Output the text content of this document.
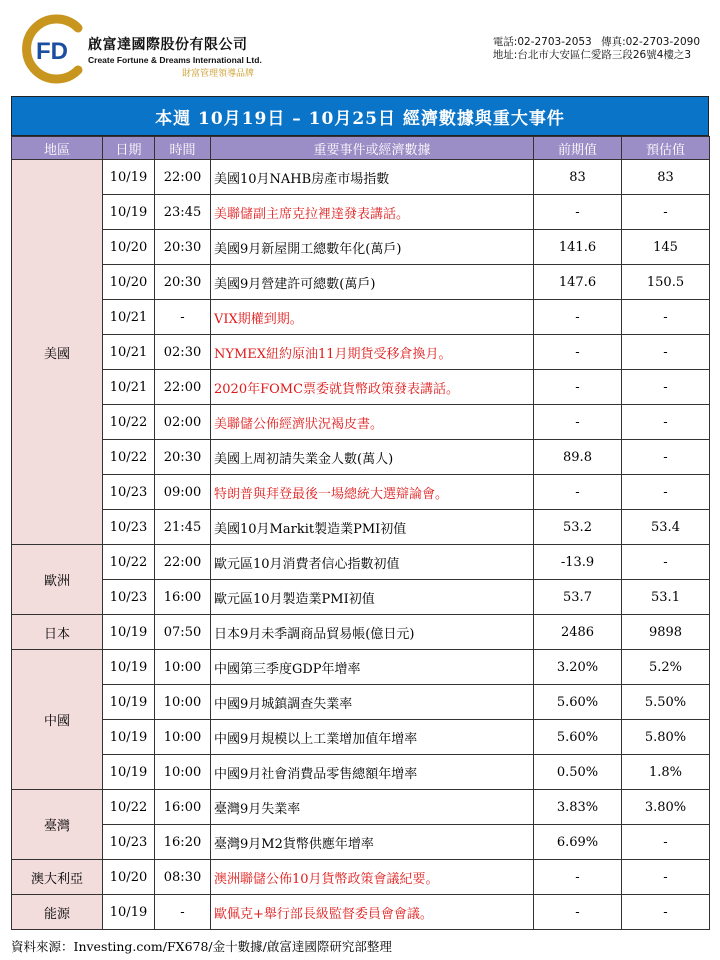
FD 啟富達國際股份有限公司
Create Fortune & Dreams International Ltd.
財富管理領導品牌
電話:02-2703-2053 傳真:02-2703-2090
地址:台北市大安區仁愛路三段26號4樓之3
本週 10月19日 – 10月25日 經濟數據與重大事件
地區	日期	時間	重要事件或經濟數據	前期值	預估值
美國	10/19	22:00	美國10月NAHB房產市場指數	83	83
	10/19	23:45	美聯儲副主席克拉裡達發表講話。	-	-
	10/20	20:30	美國9月新屋開工總數年化(萬戶)	141.6	145
	10/20	20:30	美國9月營建許可總數(萬戶)	147.6	150.5
	10/21	-	VIX期權到期。	-	-
	10/21	02:30	NYMEX紐約原油11月期貨受移倉換月。	-	-
	10/21	22:00	2020年FOMC票委就貨幣政策發表講話。	-	-
	10/22	02:00	美聯儲公佈經濟狀況褐皮書。	-	-
	10/22	20:30	美國上周初請失業金人數(萬人)	89.8	-
	10/23	09:00	特朗普與拜登最後一場總統大選辯論會。	-	-
	10/23	21:45	美國10月Markit製造業PMI初值	53.2	53.4
歐洲	10/22	22:00	歐元區10月消費者信心指數初值	-13.9	-
	10/23	16:00	歐元區10月製造業PMI初值	53.7	53.1
日本	10/19	07:50	日本9月未季調商品貿易帳(億日元)	2486	9898
中國	10/19	10:00	中國第三季度GDP年增率	3.20%	5.2%
	10/19	10:00	中國9月城鎮調查失業率	5.60%	5.50%
	10/19	10:00	中國9月規模以上工業增加值年增率	5.60%	5.80%
	10/19	10:00	中國9月社會消費品零售總額年增率	0.50%	1.8%
臺灣	10/22	16:00	臺灣9月失業率	3.83%	3.80%
	10/23	16:20	臺灣9月M2貨幣供應年增率	6.69%	-
澳大利亞	10/20	08:30	澳洲聯儲公佈10月貨幣政策會議紀要。	-	-
能源	10/19	-	歐佩克+舉行部長級監督委員會會議。	-	-
資料來源：Investing.com/FX678/金十數據/啟富達國際研究部整理
